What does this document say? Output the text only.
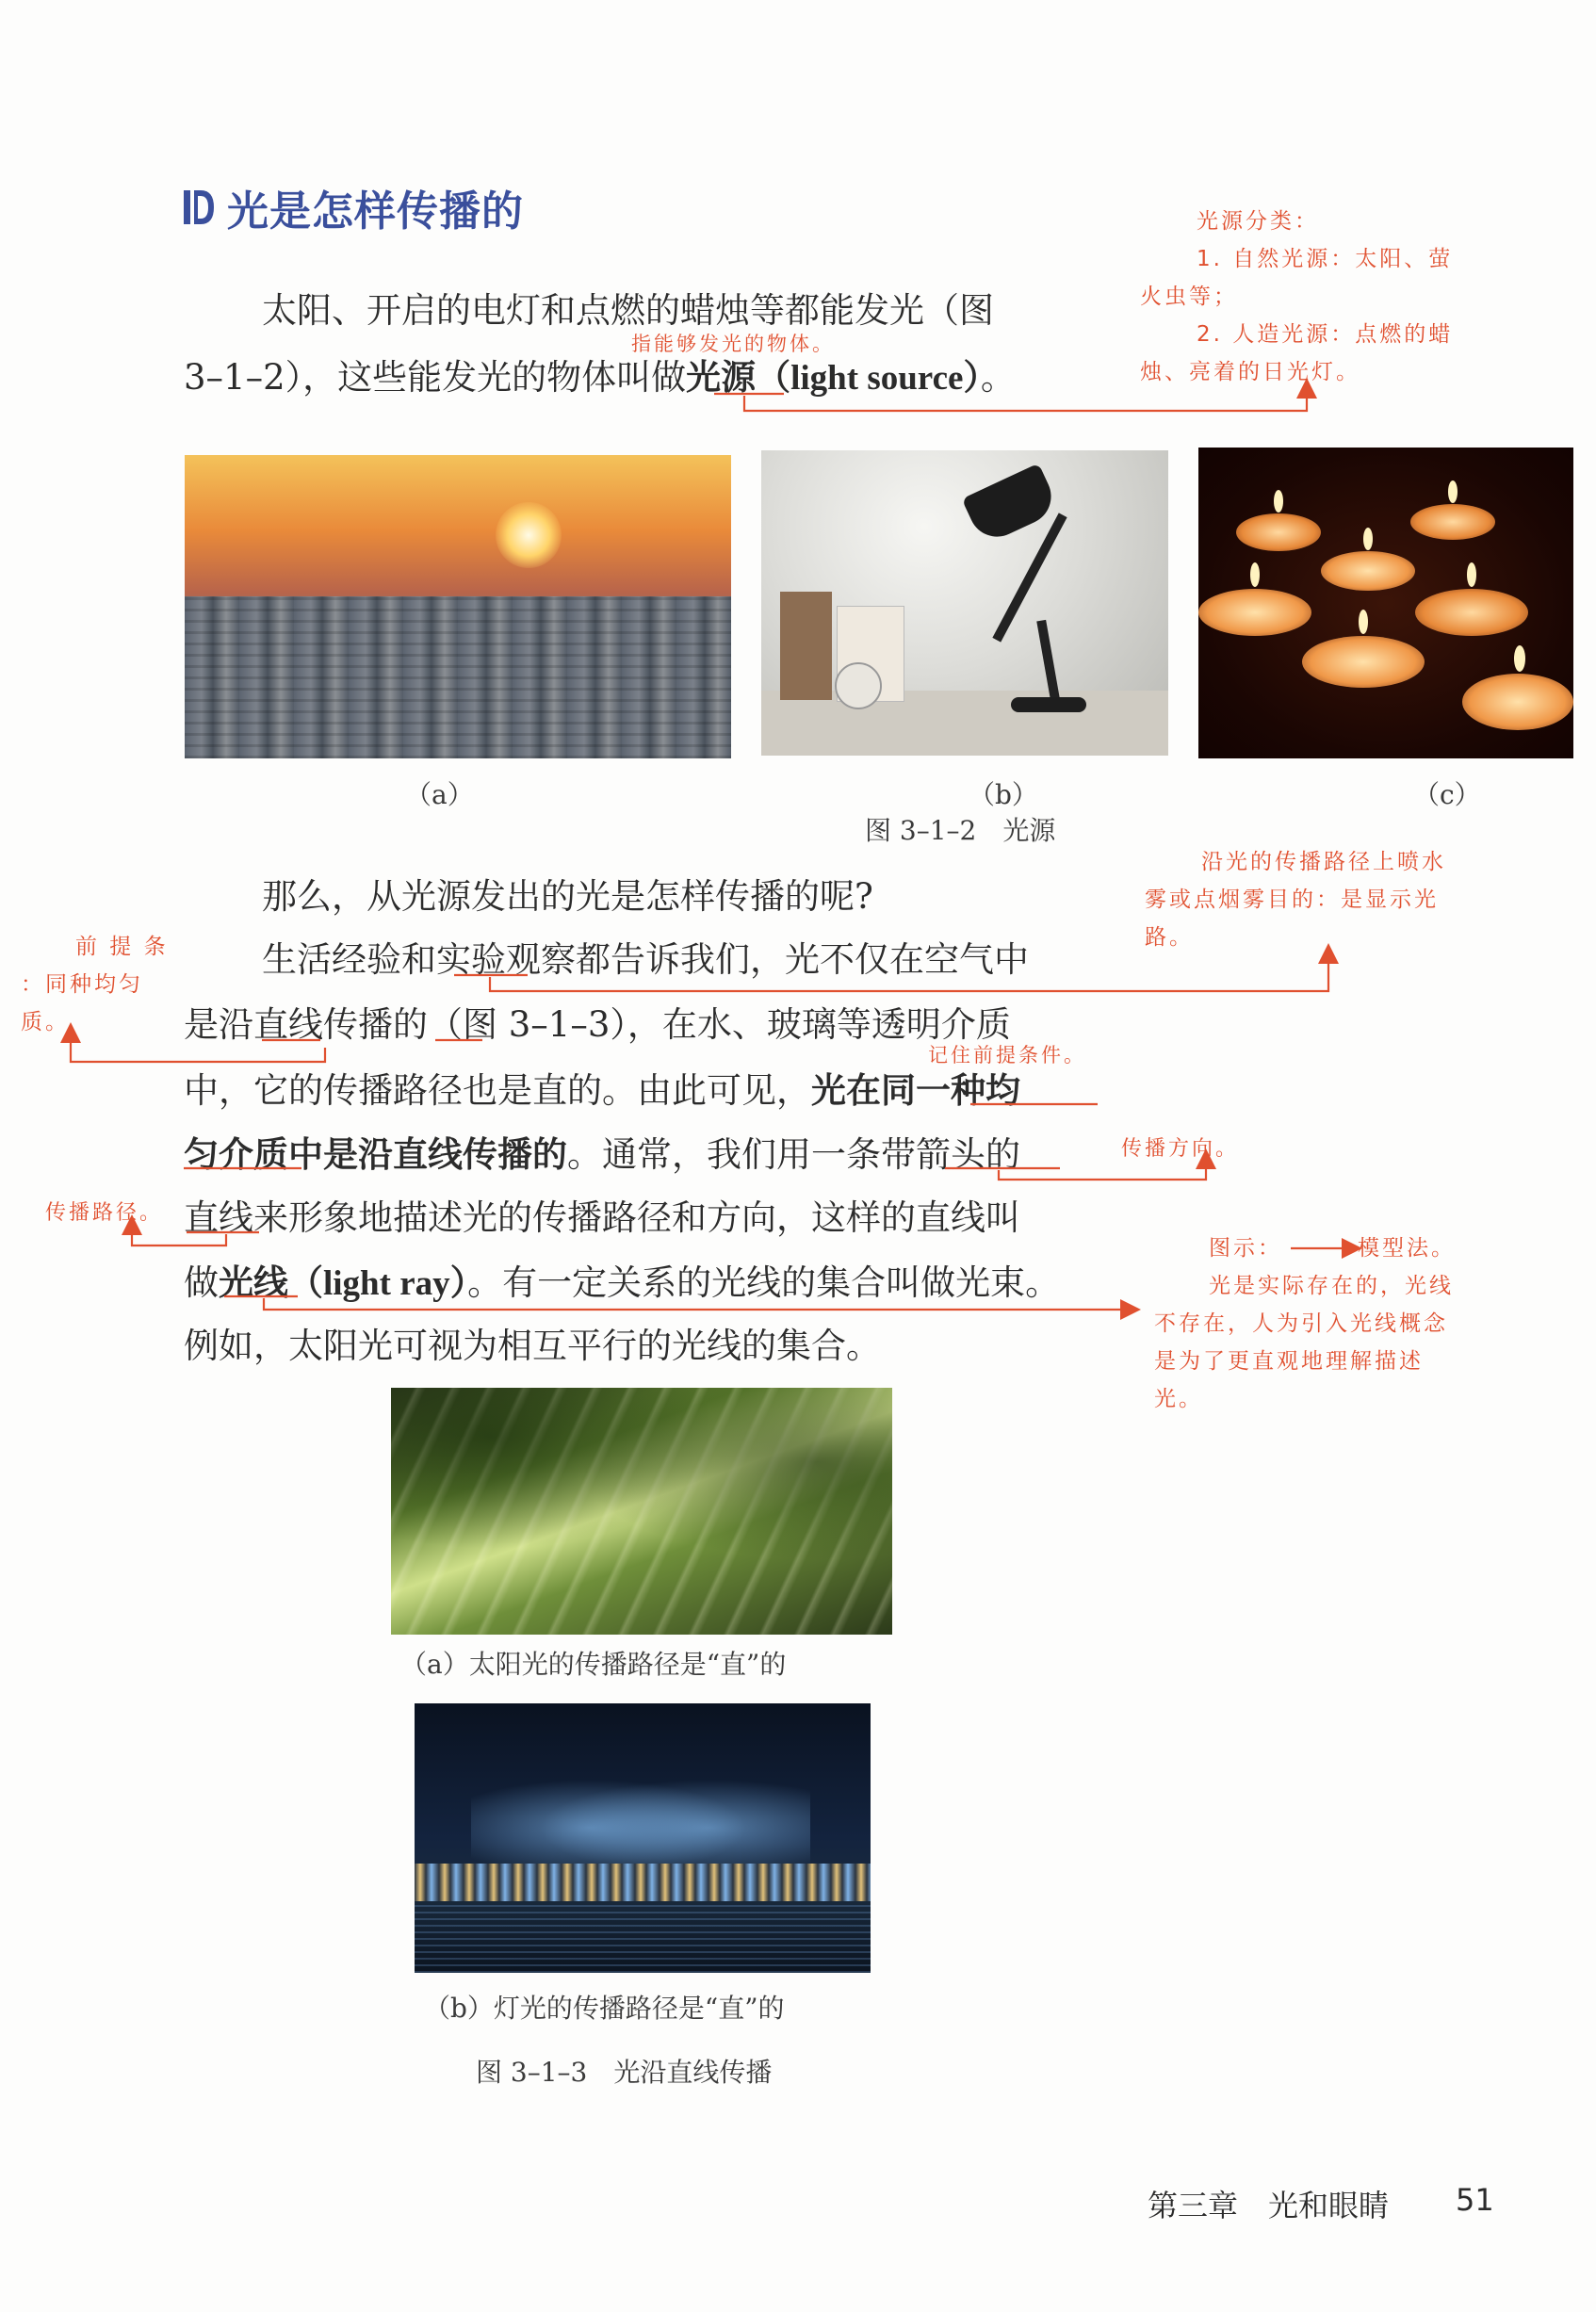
光是怎样传播的
太阳、开启的电灯和点燃的蜡烛等都能发光（图
3–1–2），这些能发光的物体叫做光源（light source）。
（a）	（b）	（c）
图 3–1–2　光源
那么，从光源发出的光是怎样传播的呢?
生活经验和实验观察都告诉我们，光不仅在空气中
是沿直线传播的（图 3–1–3），在水、玻璃等透明介质
中，它的传播路径也是直的。由此可见，光在同一种均
匀介质中是沿直线传播的。通常，我们用一条带箭头的
直线来形象地描述光的传播路径和方向，这样的直线叫
做光线（light ray）。有一定关系的光线的集合叫做光束。
例如，太阳光可视为相互平行的光线的集合。
（a）太阳光的传播路径是“直”的
（b）灯光的传播路径是“直”的
图 3–1–3　光沿直线传播
指能够发光的物体。
光源分类：
1. 自然光源：太阳、萤
火虫等；
2. 人造光源：点燃的蜡
烛、亮着的日光灯。
沿光的传播路径上喷水
雾或点烟雾目的：是显示光
路。
前 提 条
：同种均匀
质。
记住前提条件。
传播方向。
传播路径。
图示：	模型法。
光是实际存在的，光线
不存在，人为引入光线概念
是为了更直观地理解描述
光。
第三章　光和眼睛 51
